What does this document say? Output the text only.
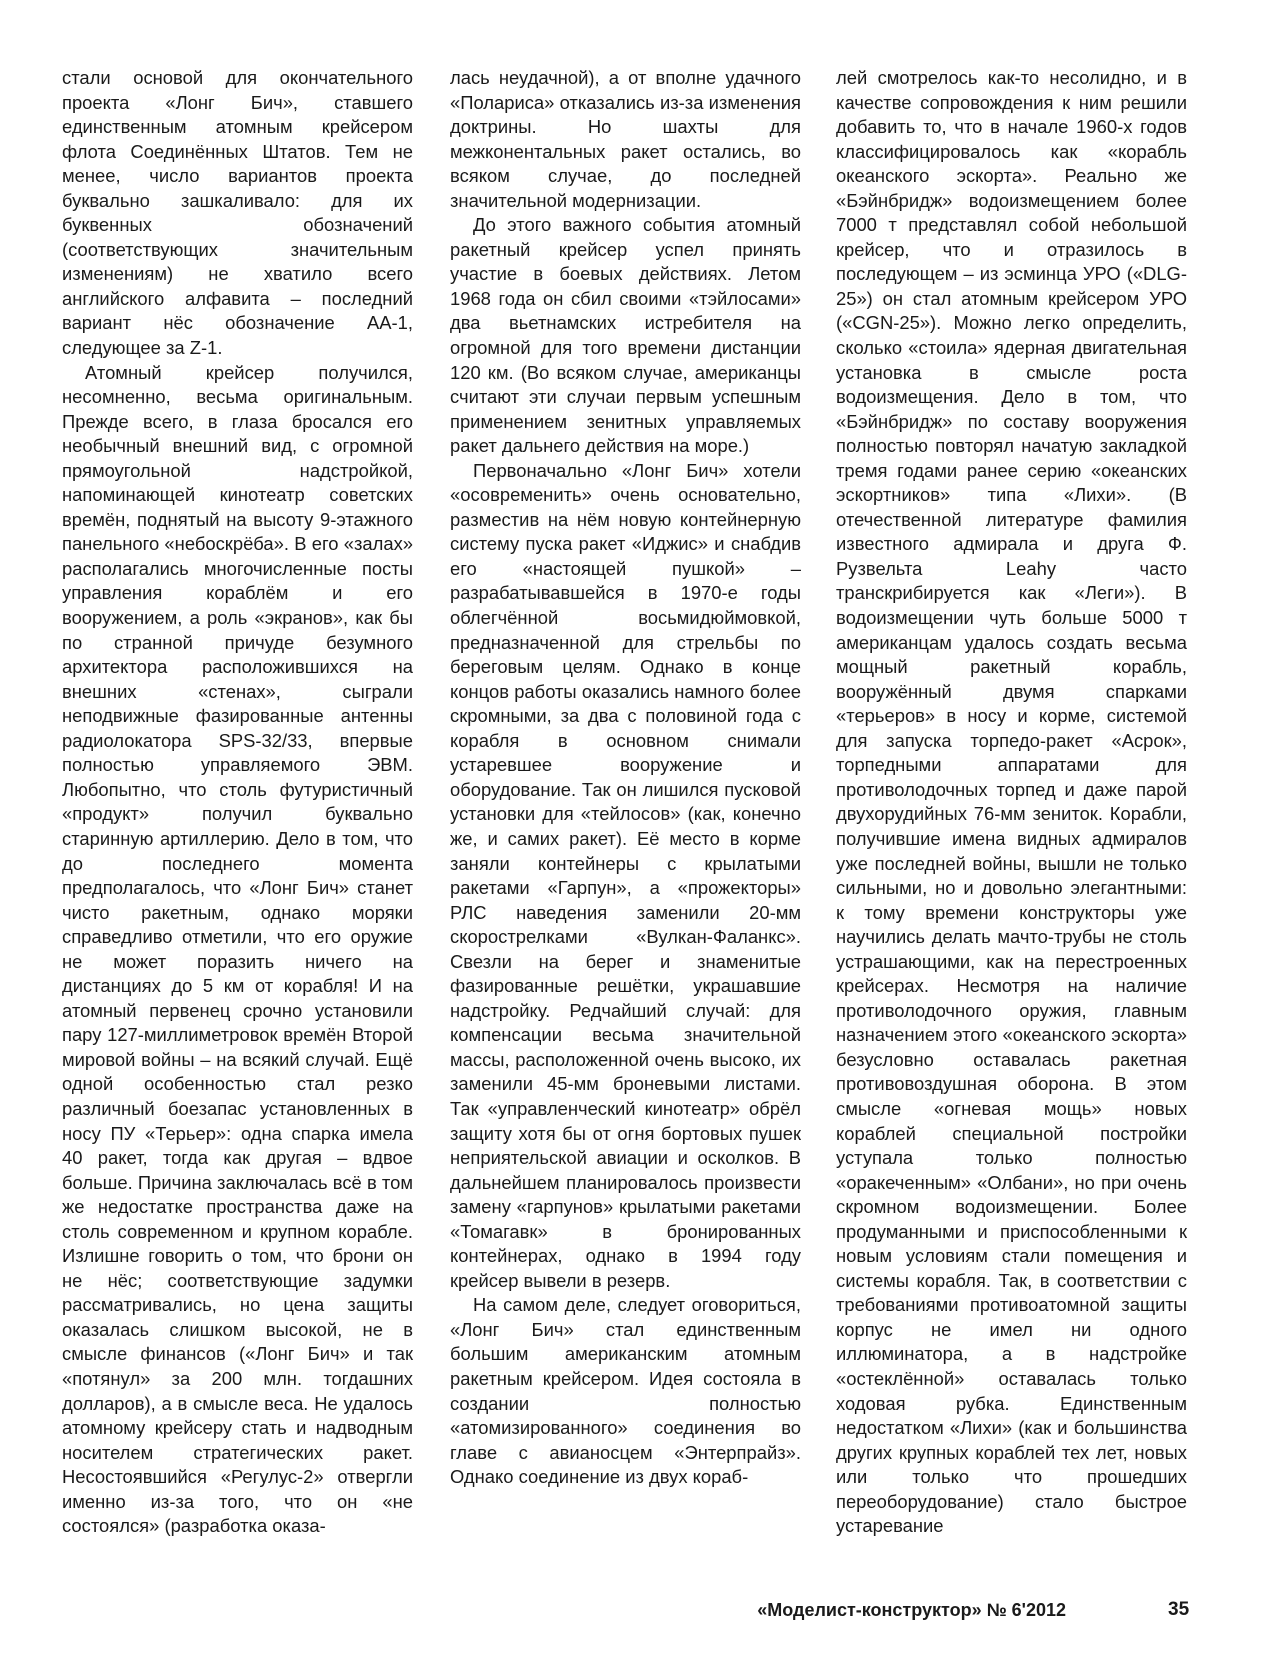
стали основой для окончательного проекта «Лонг Бич», ставшего единственным атомным крейсером флота Соединённых Штатов. Тем не менее, число вариантов проекта буквально зашкаливало: для их буквенных обозначений (соответствующих значительным изменениям) не хватило всего английского алфавита – последний вариант нёс обозначение АА-1, следующее за Z-1.

Атомный крейсер получился, несомненно, весьма оригинальным. Прежде всего, в глаза бросался его необычный внешний вид, с огромной прямоугольной надстройкой, напоминающей кинотеатр советских времён, поднятый на высоту 9-этажного панельного «небоскрёба». В его «залах» располагались многочисленные посты управления кораблём и его вооружением, а роль «экранов», как бы по странной причуде безумного архитектора расположившихся на внешних «стенах», сыграли неподвижные фазированные антенны радиолокатора SPS-32/33, впервые полностью управляемого ЭВМ. Любопытно, что столь футуристичный «продукт» получил буквально старинную артиллерию. Дело в том, что до последнего момента предполагалось, что «Лонг Бич» станет чисто ракетным, однако моряки справедливо отметили, что его оружие не может поразить ничего на дистанциях до 5 км от корабля! И на атомный первенец срочно установили пару 127-миллиметровок времён Второй мировой войны – на всякий случай. Ещё одной особенностью стал резко различный боезапас установленных в носу ПУ «Терьер»: одна спарка имела 40 ракет, тогда как другая – вдвое больше. Причина заключалась всё в том же недостатке пространства даже на столь современном и крупном корабле. Излишне говорить о том, что брони он не нёс; соответствующие задумки рассматривались, но цена защиты оказалась слишком высокой, не в смысле финансов («Лонг Бич» и так «потянул» за 200 млн. тогдашних долларов), а в смысле веса. Не удалось атомному крейсеру стать и надводным носителем стратегических ракет. Несостоявшийся «Регулус-2» отвергли именно из-за того, что он «не состоялся» (разработка оказа-

лась неудачной), а от вполне удачного «Полариса» отказались из-за изменения доктрины. Но шахты для межконентальных ракет остались, во всяком случае, до последней значительной модернизации.

До этого важного события атомный ракетный крейсер успел принять участие в боевых действиях. Летом 1968 года он сбил своими «тэйлосами» два вьетнамских истребителя на огромной для того времени дистанции 120 км. (Во всяком случае, американцы считают эти случаи первым успешным применением зенитных управляемых ракет дальнего действия на море.)

Первоначально «Лонг Бич» хотели «осовременить» очень основательно, разместив на нём новую контейнерную систему пуска ракет «Иджис» и снабдив его «настоящей пушкой» – разрабатывавшейся в 1970-е годы облегчённой восьмидюймовкой, предназначенной для стрельбы по береговым целям. Однако в конце концов работы оказались намного более скромными, за два с половиной года с корабля в основном снимали устаревшее вооружение и оборудование. Так он лишился пусковой установки для «тейлосов» (как, конечно же, и самих ракет). Её место в корме заняли контейнеры с крылатыми ракетами «Гарпун», а «прожекторы» РЛС наведения заменили 20-мм скорострелками «Вулкан-Фаланкс». Свезли на берег и знаменитые фазированные решётки, украшавшие надстройку. Редчайший случай: для компенсации весьма значительной массы, расположенной очень высоко, их заменили 45-мм броневыми листами. Так «управленческий кинотеатр» обрёл защиту хотя бы от огня бортовых пушек неприятельской авиации и осколков. В дальнейшем планировалось произвести замену «гарпунов» крылатыми ракетами «Томагавк» в бронированных контейнерах, однако в 1994 году крейсер вывели в резерв.

На самом деле, следует оговориться, «Лонг Бич» стал единственным большим американским атомным ракетным крейсером. Идея состояла в создании полностью «атомизированного» соединения во главе с авианосцем «Энтерпрайз». Однако соединение из двух кораб-

лей смотрелось как-то несолидно, и в качестве сопровождения к ним решили добавить то, что в начале 1960-х годов классифицировалось как «корабль океанского эскорта». Реально же «Бэйнбридж» водоизмещением более 7000 т представлял собой небольшой крейсер, что и отразилось в последующем – из эсминца УРО («DLG-25») он стал атомным крейсером УРО («CGN-25»). Можно легко определить, сколько «стоила» ядерная двигательная установка в смысле роста водоизмещения. Дело в том, что «Бэйнбридж» по составу вооружения полностью повторял начатую закладкой тремя годами ранее серию «океанских эскортников» типа «Лихи». (В отечественной литературе фамилия известного адмирала и друга Ф. Рузвельта Leahy часто транскрибируется как «Леги»). В водоизмещении чуть больше 5000 т американцам удалось создать весьма мощный ракетный корабль, вооружённый двумя спарками «терьеров» в носу и корме, системой для запуска торпедо-ракет «Асрок», торпедными аппаратами для противолодочных торпед и даже парой двухорудийных 76-мм зениток. Корабли, получившие имена видных адмиралов уже последней войны, вышли не только сильными, но и довольно элегантными: к тому времени конструкторы уже научились делать мачто-трубы не столь устрашающими, как на перестроенных крейсерах. Несмотря на наличие противолодочного оружия, главным назначением этого «океанского эскорта» безусловно оставалась ракетная противовоздушная оборона. В этом смысле «огневая мощь» новых кораблей специальной постройки уступала только полностью «оракеченным» «Олбани», но при очень скромном водоизмещении. Более продуманными и приспособленными к новым условиям стали помещения и системы корабля. Так, в соответствии с требованиями противоатомной защиты корпус не имел ни одного иллюминатора, а в надстройке «остеклённой» оставалась только ходовая рубка. Единственным недостатком «Лихи» (как и большинства других крупных кораблей тех лет, новых или только что прошедших переоборудование) стало быстрое устаревание

«Моделист-конструктор» № 6'2012	35
